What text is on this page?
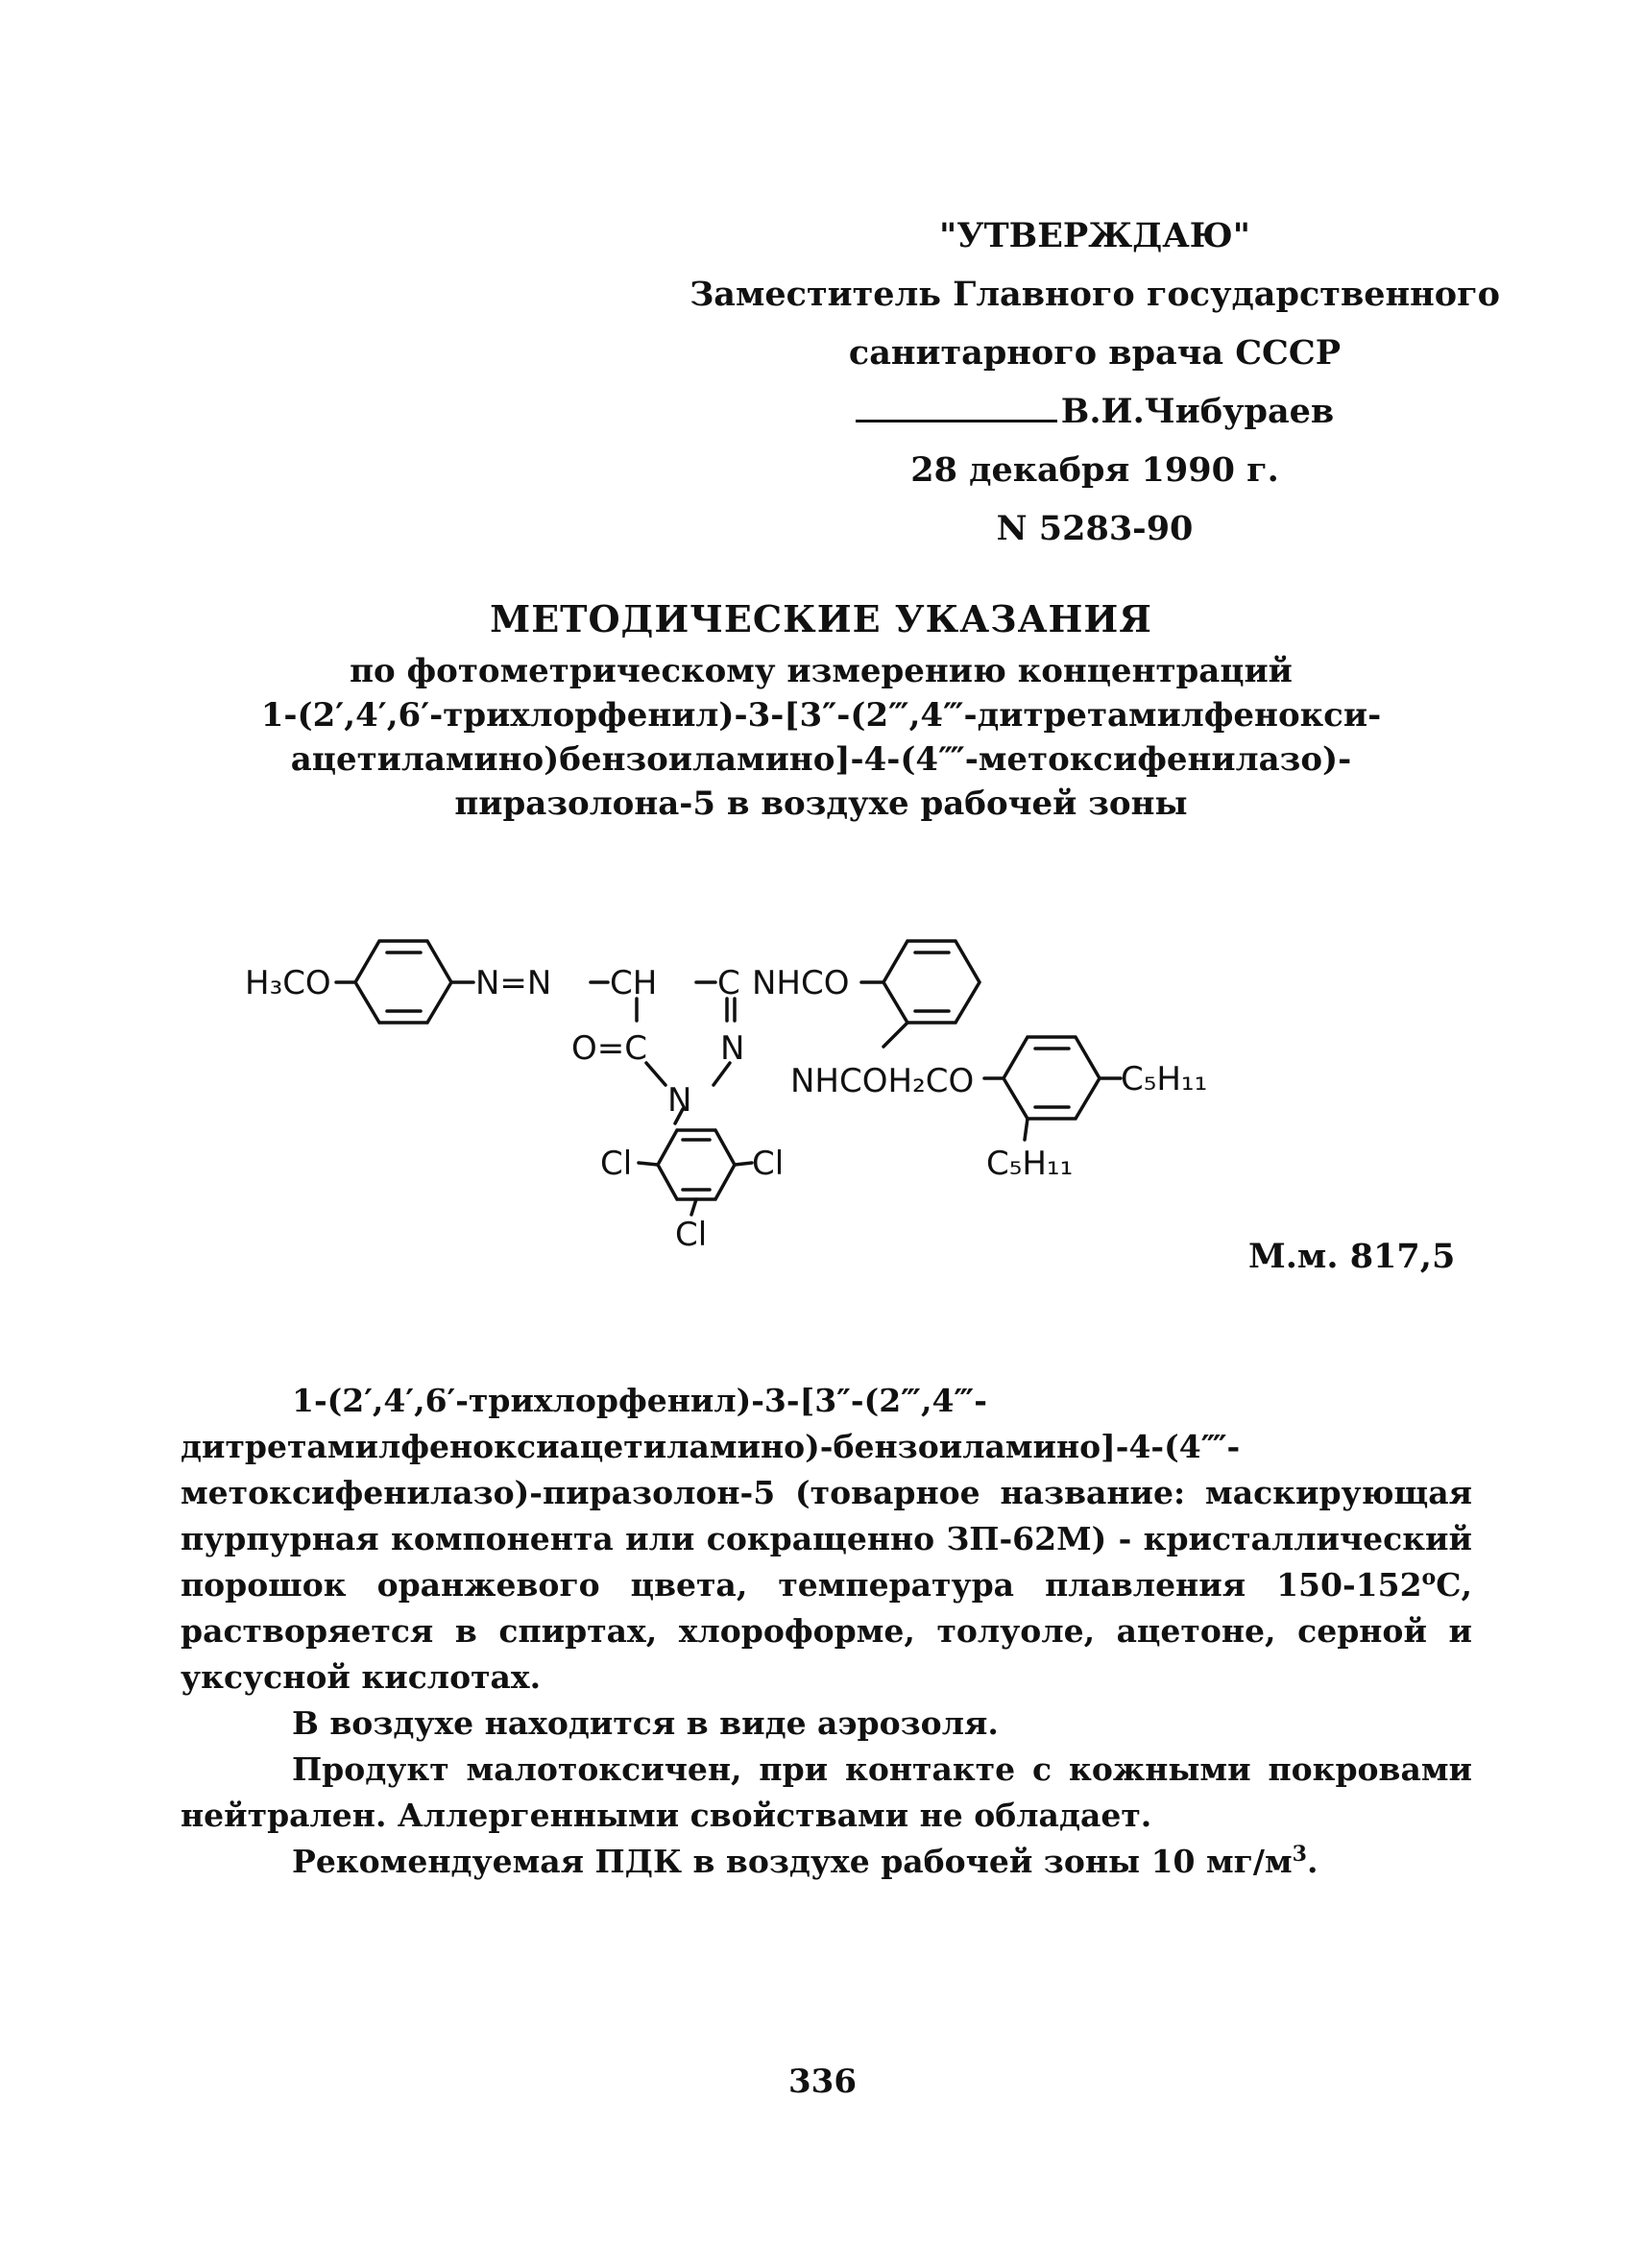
"УТВЕРЖДАЮ"
Заместитель Главного государственного
санитарного врача СССР
В.И.Чибураев
28 декабря 1990 г.
N 5283-90
МЕТОДИЧЕСКИЕ УКАЗАНИЯ
по фотометрическому измерению концентраций
1-(2′,4′,6′-трихлорфенил)-3-[3″-(2‴,4‴-дитретамилфенокси-
ацетиламино)бензоиламино]-4-(4⁗-метоксифенилазо)-
пиразолона-5 в воздухе рабочей зоны
H₃CO	N=N CH C NHCO
O=C N
N	NHCOH₂CO	C₅H₁₁
C₅H₁₁
Cl	Cl
Cl
М.м. 817,5

1-(2′,4′,6′-трихлорфенил)-3-[3″-(2‴,4‴-дитретамилфеноксиацетиламино)-бензоиламино]-4-(4⁗-метоксифенилазо)-пиразолон-5 (товарное название: маскирующая пурпурная компонента или сокращенно ЗП-62М) - кристаллический порошок оранжевого цвета, температура плавления 150-152$^o$С, растворяется в спиртах, хлороформе, толуоле, ацетоне, серной и уксусной кислотах.

В воздухе находится в виде аэрозоля.

Продукт малотоксичен, при контакте с кожными покровами нейтрален. Аллергенными свойствами не обладает.

Рекомендуемая ПДК в воздухе рабочей зоны 10 $мг/м^3$.

336
